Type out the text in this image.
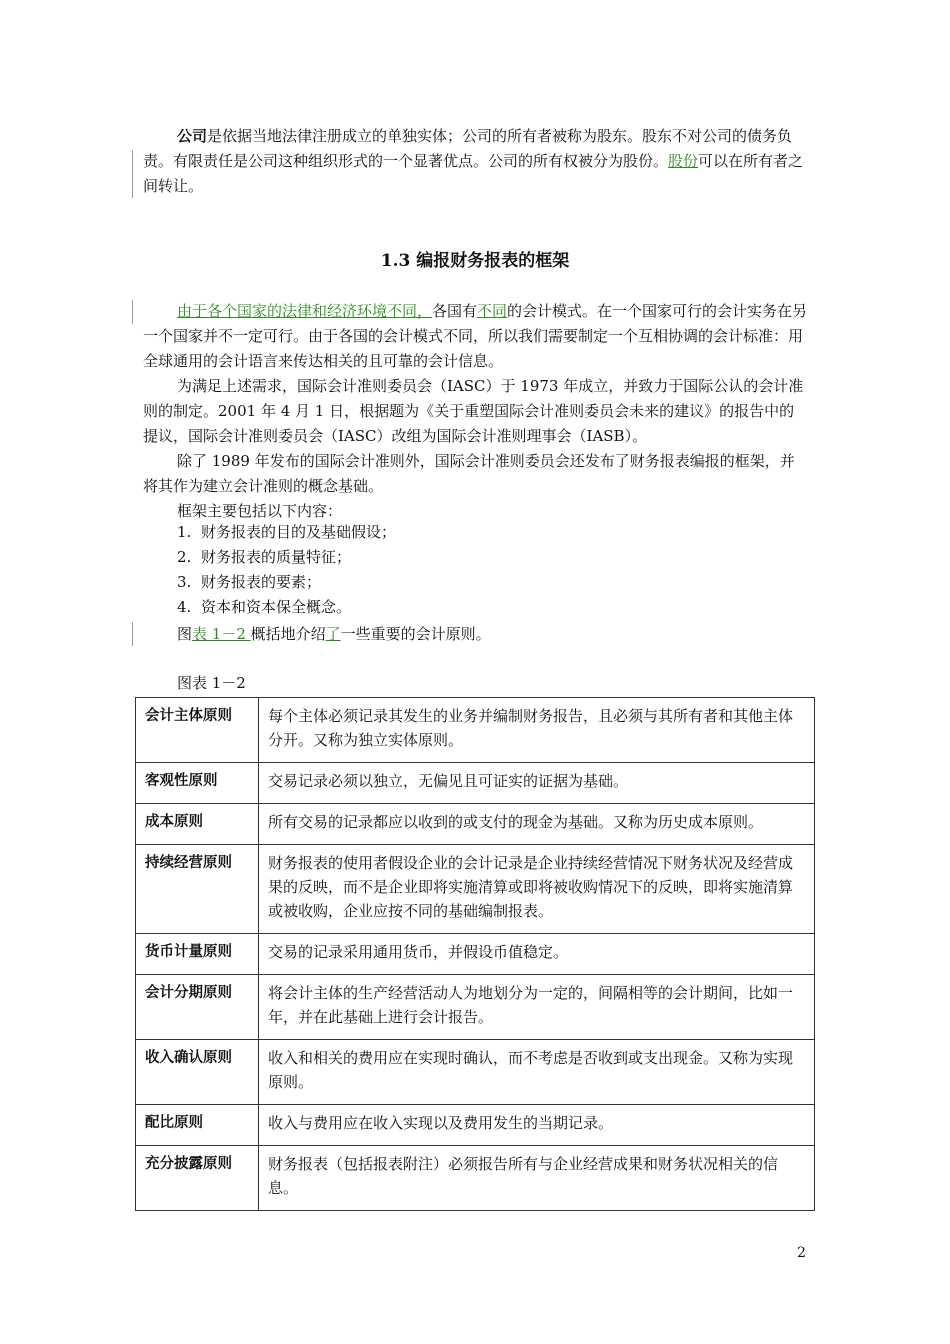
公司是依据当地法律注册成立的单独实体；公司的所有者被称为股东。股东不对公司的债务负责。有限责任是公司这种组织形式的一个显著优点。公司的所有权被分为股份。股份可以在所有者之间转让。

1.3 编报财务报表的框架

由于各个国家的法律和经济环境不同，各国有不同的会计模式。在一个国家可行的会计实务在另一个国家并不一定可行。由于各国的会计模式不同，所以我们需要制定一个互相协调的会计标准：用全球通用的会计语言来传达相关的且可靠的会计信息。

为满足上述需求，国际会计准则委员会（IASC）于 1973 年成立，并致力于国际公认的会计准则的制定。2001 年 4 月 1 日，根据题为《关于重塑国际会计准则委员会未来的建议》的报告中的提议，国际会计准则委员会（IASC）改组为国际会计准则理事会（IASB）。

除了 1989 年发布的国际会计准则外，国际会计准则委员会还发布了财务报表编报的框架，并将其作为建立会计准则的概念基础。

框架主要包括以下内容：

1. 财务报表的目的及基础假设；
2. 财务报表的质量特征；
3. 财务报表的要素；
4. 资本和资本保全概念。

图表 1－2 概括地介绍了一些重要的会计原则。

图表 1－2
会计主体原则	每个主体必须记录其发生的业务并编制财务报告，且必须与其所有者和其他主体分开。又称为独立实体原则。
客观性原则	交易记录必须以独立，无偏见且可证实的证据为基础。
成本原则	所有交易的记录都应以收到的或支付的现金为基础。又称为历史成本原则。
持续经营原则	财务报表的使用者假设企业的会计记录是企业持续经营情况下财务状况及经营成果的反映，而不是企业即将实施清算或即将被收购情况下的反映，即将实施清算或被收购，企业应按不同的基础编制报表。
货币计量原则	交易的记录采用通用货币，并假设币值稳定。
会计分期原则	将会计主体的生产经营活动人为地划分为一定的，间隔相等的会计期间，比如一年，并在此基础上进行会计报告。
收入确认原则	收入和相关的费用应在实现时确认，而不考虑是否收到或支出现金。又称为实现原则。
配比原则	收入与费用应在收入实现以及费用发生的当期记录。
充分披露原则	财务报表（包括报表附注）必须报告所有与企业经营成果和财务状况相关的信息。
2
